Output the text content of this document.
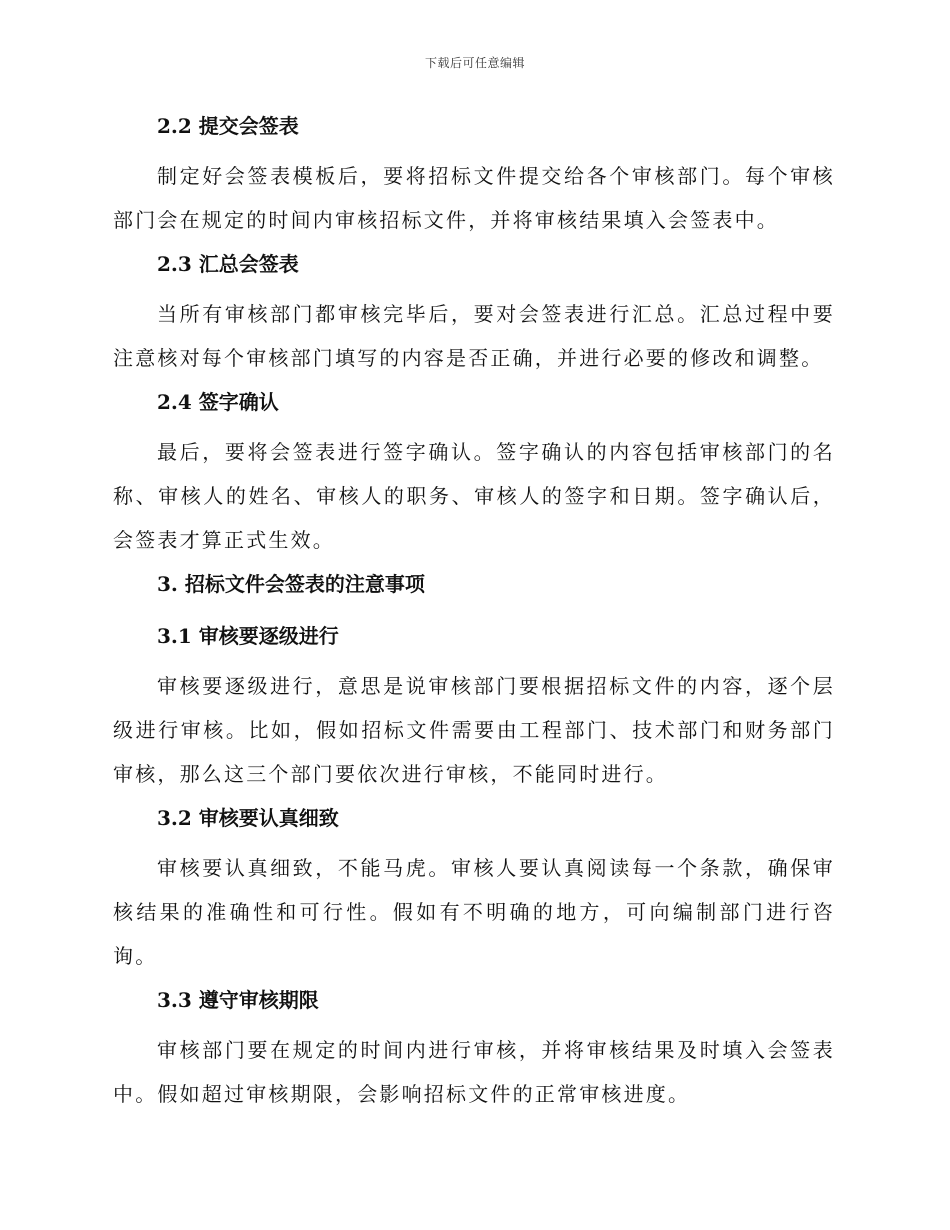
下载后可任意编辑
2.2 提交会签表

制定好会签表模板后，要将招标文件提交给各个审核部门。每个审核部门会在规定的时间内审核招标文件，并将审核结果填入会签表中。

2.3 汇总会签表

当所有审核部门都审核完毕后，要对会签表进行汇总。汇总过程中要注意核对每个审核部门填写的内容是否正确，并进行必要的修改和调整。

2.4 签字确认

最后，要将会签表进行签字确认。签字确认的内容包括审核部门的名称、审核人的姓名、审核人的职务、审核人的签字和日期。签字确认后，会签表才算正式生效。

3. 招标文件会签表的注意事项
3.1 审核要逐级进行

审核要逐级进行，意思是说审核部门要根据招标文件的内容，逐个层级进行审核。比如，假如招标文件需要由工程部门、技术部门和财务部门审核，那么这三个部门要依次进行审核，不能同时进行。

3.2 审核要认真细致

审核要认真细致，不能马虎。审核人要认真阅读每一个条款，确保审核结果的准确性和可行性。假如有不明确的地方，可向编制部门进行咨询。

3.3 遵守审核期限

审核部门要在规定的时间内进行审核，并将审核结果及时填入会签表中。假如超过审核期限，会影响招标文件的正常审核进度。
